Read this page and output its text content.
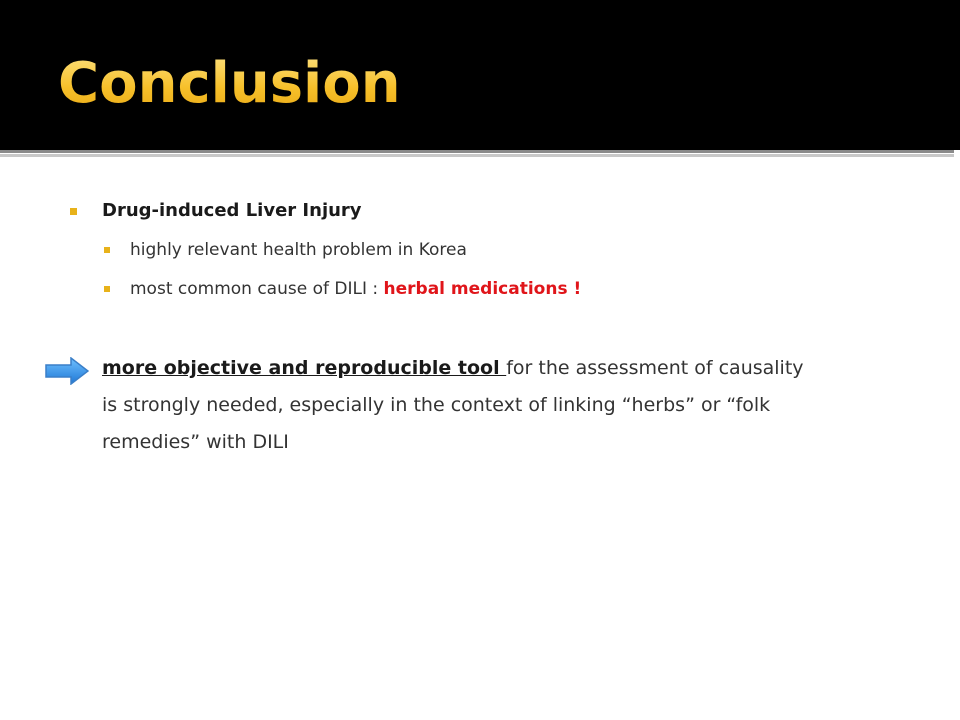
Conclusion
Drug-induced Liver Injury
highly relevant health problem in Korea
most common cause of DILI : herbal medications !
more objective and reproducible tool for the assessment of causality
is strongly needed, especially in the context of linking “herbs” or “folk
remedies” with DILI
